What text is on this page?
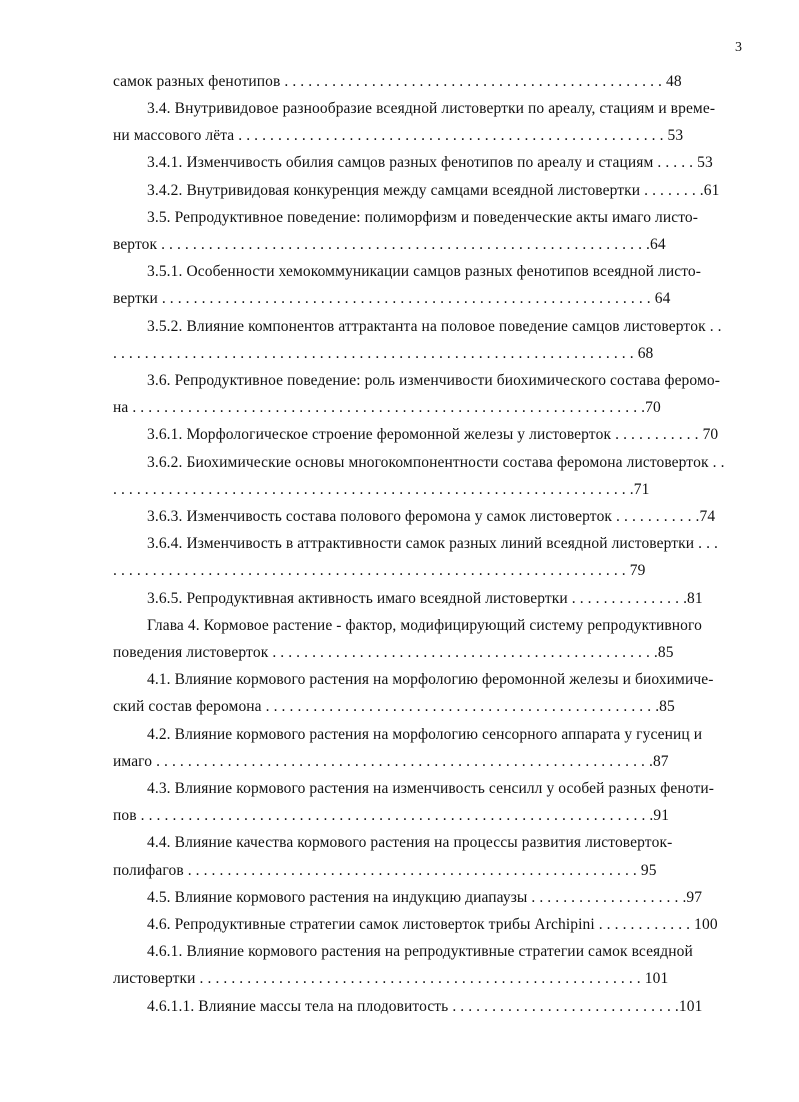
3
самок разных фенотипов . . . . . . . . . . . . . . . . . . . . . . . . . . . . . . . . . . . . . . . . . . . . . . . . 48
3.4. Внутривидовое разнообразие всеядной листовертки по ареалу, стациям и време-
ни массового лёта . . . . . . . . . . . . . . . . . . . . . . . . . . . . . . . . . . . . . . . . . . . . . . . . . . . . . . 53
3.4.1. Изменчивость обилия самцов разных фенотипов по ареалу и стациям . . . . . 53
3.4.2. Внутривидовая конкуренция между самцами всеядной листовертки . . . . . . . .61
3.5. Репродуктивное поведение: полиморфизм и поведенческие акты имаго листо-
верток . . . . . . . . . . . . . . . . . . . . . . . . . . . . . . . . . . . . . . . . . . . . . . . . . . . . . . . . . . . . . .64
3.5.1. Особенности хемокоммуникации самцов разных фенотипов всеядной листо-
вертки . . . . . . . . . . . . . . . . . . . . . . . . . . . . . . . . . . . . . . . . . . . . . . . . . . . . . . . . . . . . . . 64
3.5.2. Влияние компонентов аттрактанта на половое поведение самцов листовертoк . .
. . . . . . . . . . . . . . . . . . . . . . . . . . . . . . . . . . . . . . . . . . . . . . . . . . . . . . . . . . . . . . . . . . 68
3.6. Репродуктивное поведение: роль изменчивости биохимического состава феромо-
на . . . . . . . . . . . . . . . . . . . . . . . . . . . . . . . . . . . . . . . . . . . . . . . . . . . . . . . . . . . . . . . . .70
3.6.1. Морфологическое строение феромонной железы у листовертoк . . . . . . . . . . . 70
3.6.2. Биохимические основы многокомпонентности состава феромона листовертoк . .
. . . . . . . . . . . . . . . . . . . . . . . . . . . . . . . . . . . . . . . . . . . . . . . . . . . . . . . . . . . . . . . . . .71
3.6.3. Изменчивость состава полового феромона у самок листовертoк . . . . . . . . . . .74
3.6.4. Изменчивость в аттрактивности самок разных линий всеядной листовертки . . .
. . . . . . . . . . . . . . . . . . . . . . . . . . . . . . . . . . . . . . . . . . . . . . . . . . . . . . . . . . . . . . . . . 79
3.6.5. Репродуктивная активность имаго всеядной листовертки . . . . . . . . . . . . . . .81
Глава 4. Кормовое растение - фактор, модифицирующий систему репродуктивного
поведения листовертoк . . . . . . . . . . . . . . . . . . . . . . . . . . . . . . . . . . . . . . . . . . . . . . . . .85
4.1. Влияние кормового растения на морфологию феромонной железы и биохимиче-
ский состав феромона . . . . . . . . . . . . . . . . . . . . . . . . . . . . . . . . . . . . . . . . . . . . . . . . . .85
4.2. Влияние кормового растения на морфологию сенсорного аппарата у гусениц и
имаго . . . . . . . . . . . . . . . . . . . . . . . . . . . . . . . . . . . . . . . . . . . . . . . . . . . . . . . . . . . . . . .87
4.3. Влияние кормового растения на изменчивость сенсилл у особей разных феноти-
пов . . . . . . . . . . . . . . . . . . . . . . . . . . . . . . . . . . . . . . . . . . . . . . . . . . . . . . . . . . . . . . . . .91
4.4. Влияние качества кормового растения на процессы развития листовертoк-
полифагов . . . . . . . . . . . . . . . . . . . . . . . . . . . . . . . . . . . . . . . . . . . . . . . . . . . . . . . . . 95
4.5. Влияние кормового растения на индукцию диапаузы . . . . . . . . . . . . . . . . . . . .97
4.6. Репродуктивные стратегии самок листовертoк трибы Archipini . . . . . . . . . . . . 100
4.6.1. Влияние кормового растения на репродуктивные стратегии самок всеядной
листовертки . . . . . . . . . . . . . . . . . . . . . . . . . . . . . . . . . . . . . . . . . . . . . . . . . . . . . . . . 101
4.6.1.1. Влияние массы тела на плодовитость . . . . . . . . . . . . . . . . . . . . . . . . . . . . .101
